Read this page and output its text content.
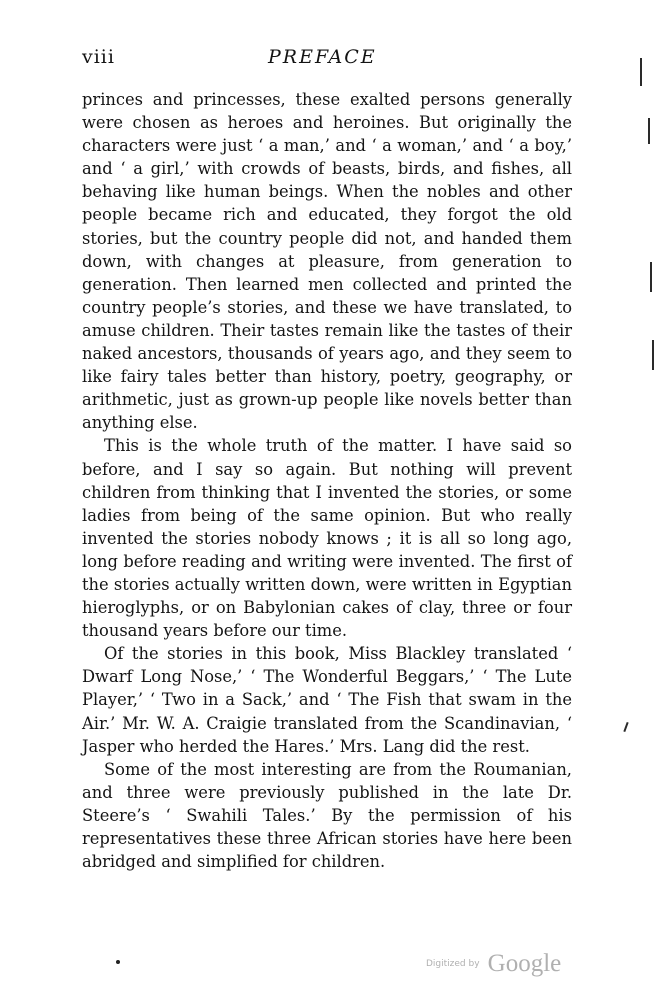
viii	PREFACE

princes and princesses, these exalted persons generally were chosen as heroes and heroines. But originally the characters were just ‘ a man,’ and ‘ a woman,’ and ‘ a boy,’ and ‘ a girl,’ with crowds of beasts, birds, and fishes, all behaving like human beings. When the nobles and other people became rich and educated, they forgot the old stories, but the country people did not, and handed them down, with changes at pleasure, from generation to generation. Then learned men collected and printed the country people’s stories, and these we have translated, to amuse children. Their tastes remain like the tastes of their naked ancestors, thousands of years ago, and they seem to like fairy tales better than history, poetry, geography, or arithmetic, just as grown-up people like novels better than anything else.

This is the whole truth of the matter. I have said so before, and I say so again. But nothing will prevent children from thinking that I invented the stories, or some ladies from being of the same opinion. But who really invented the stories nobody knows ; it is all so long ago, long before reading and writing were invented. The first of the stories actually written down, were written in Egyptian hieroglyphs, or on Babylonian cakes of clay, three or four thousand years before our time.

Of the stories in this book, Miss Blackley translated ‘ Dwarf Long Nose,’ ‘ The Wonderful Beggars,’ ‘ The Lute Player,’ ‘ Two in a Sack,’ and ‘ The Fish that swam in the Air.’ Mr. W. A. Craigie translated from the Scandinavian, ‘ Jasper who herded the Hares.’ Mrs. Lang did the rest.

Some of the most interesting are from the Roumanian, and three were previously published in the late Dr. Steere’s ‘ Swahili Tales.’ By the permission of his representatives these three African stories have here been abridged and simplified for children.

Digitized by Google
